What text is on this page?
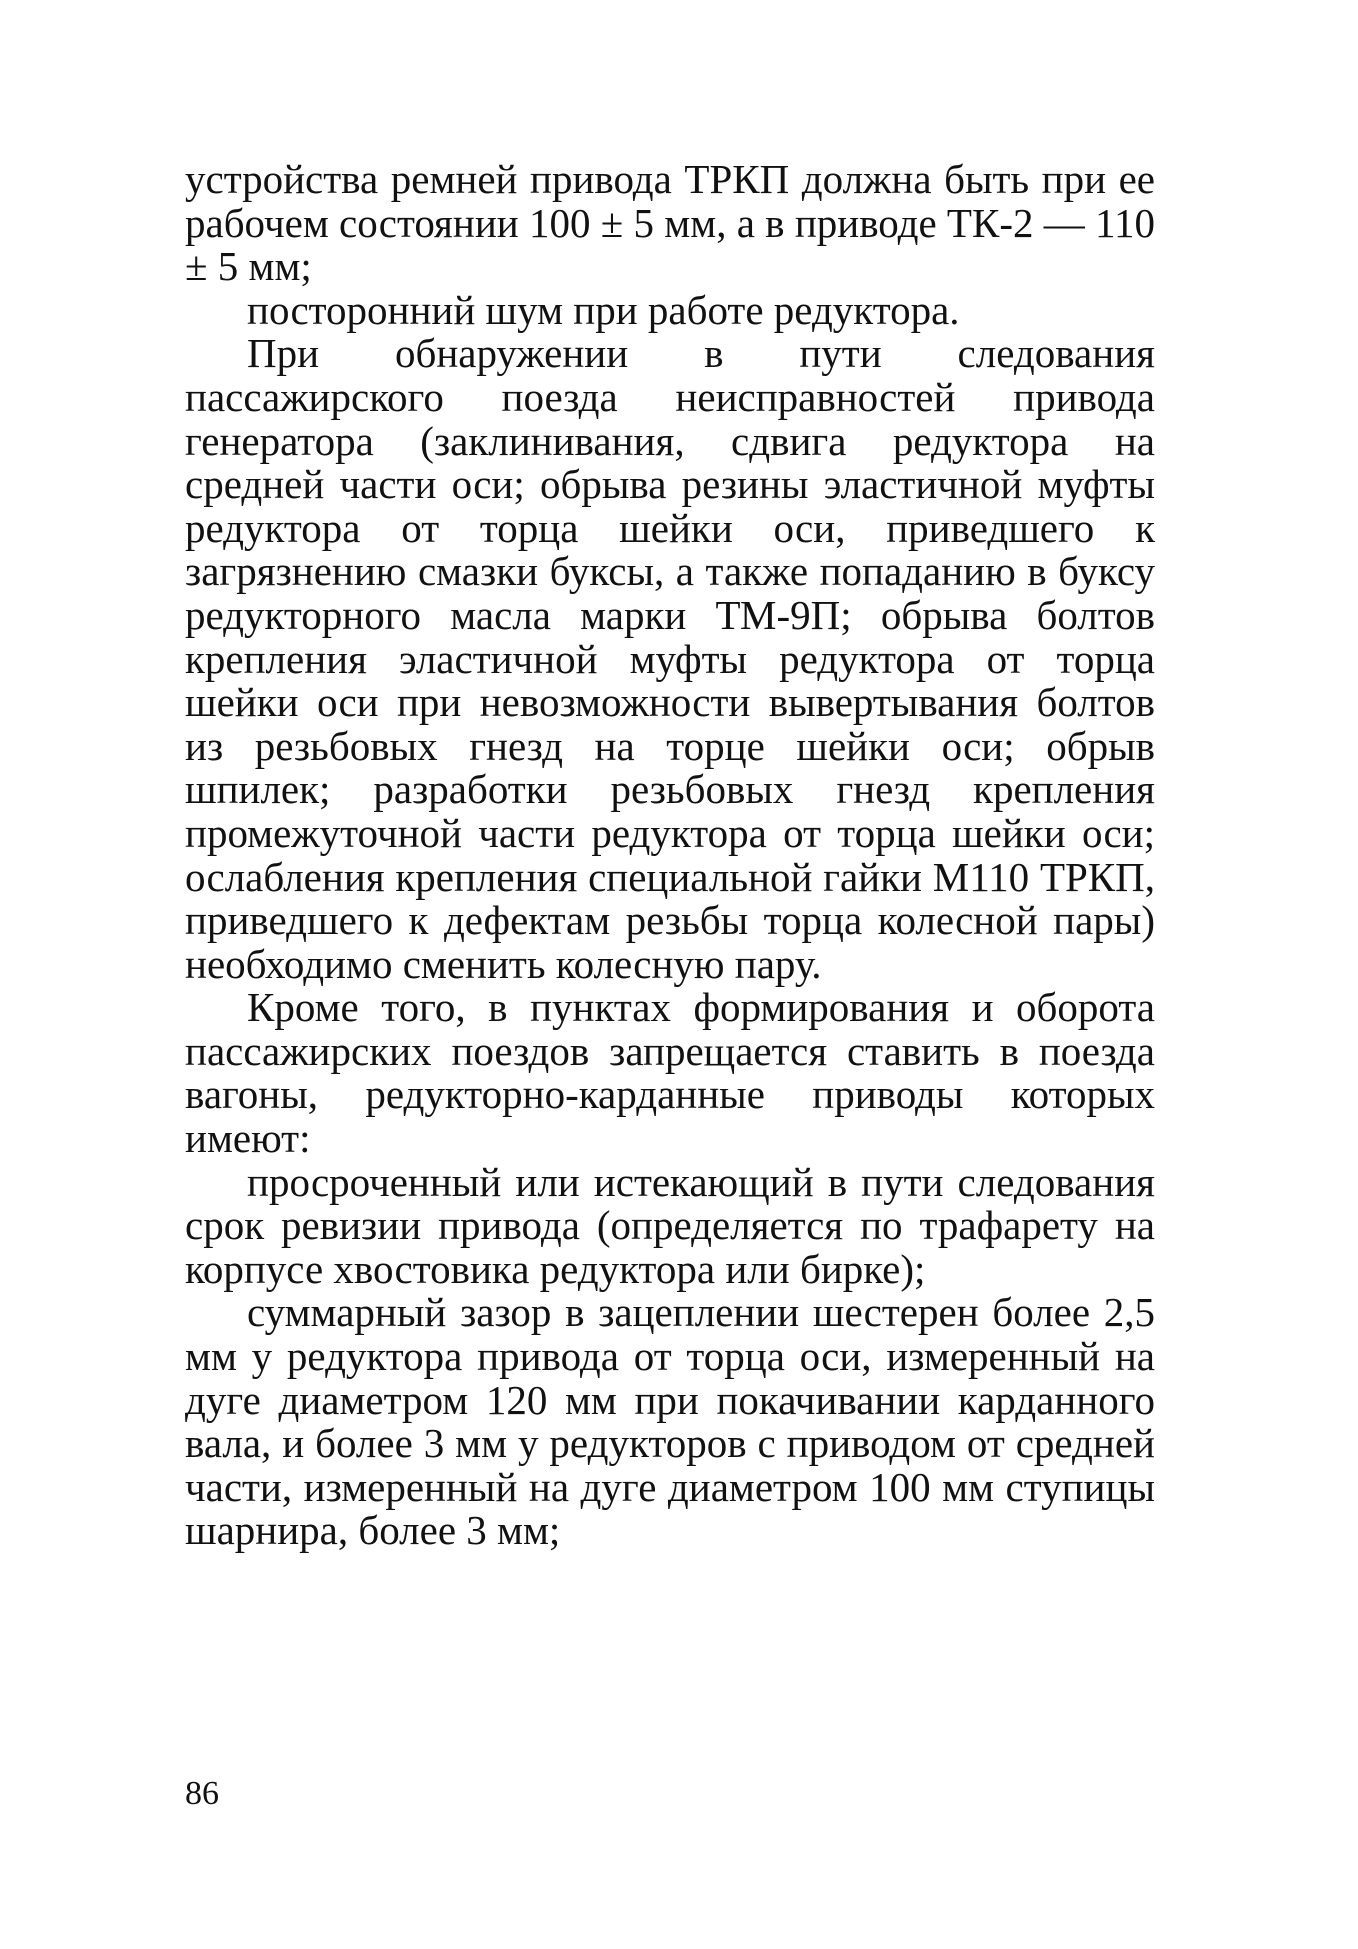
устройства ремней привода ТРКП должна быть при ее рабочем состоянии 100 ± 5 мм, а в приводе ТК-2 — 110 ± 5 мм;

посторонний шум при работе редуктора.

При обнаружении в пути следования пассажирского поезда неисправностей привода генератора (заклинивания, сдвига редуктора на средней части оси; обрыва резины эластичной муфты редуктора от торца шейки оси, приведшего к загрязнению смазки буксы, а также попаданию в буксу редукторного масла марки ТМ-9П; обрыва болтов крепления эластичной муфты редуктора от торца шейки оси при невозможности вывертывания болтов из резьбовых гнезд на торце шейки оси; обрыв шпилек; разработки резьбовых гнезд крепления промежуточной части редуктора от торца шейки оси; ослабления крепления специальной гайки М110 ТРКП, приведшего к дефектам резьбы торца колесной пары) необходимо сменить колесную пару.

Кроме того, в пунктах формирования и оборота пассажирских поездов запрещается ставить в поезда вагоны, редукторно-карданные приводы которых имеют:

просроченный или истекающий в пути следования срок ревизии привода (определяется по трафарету на корпусе хвостовика редуктора или бирке);

суммарный зазор в зацеплении шестерен более 2,5 мм у редуктора привода от торца оси, измеренный на дуге диаметром 120 мм при покачивании карданного вала, и более 3 мм у редукторов с приводом от средней части, измеренный на дуге диаметром 100 мм ступицы шарнира, более 3 мм;

86
